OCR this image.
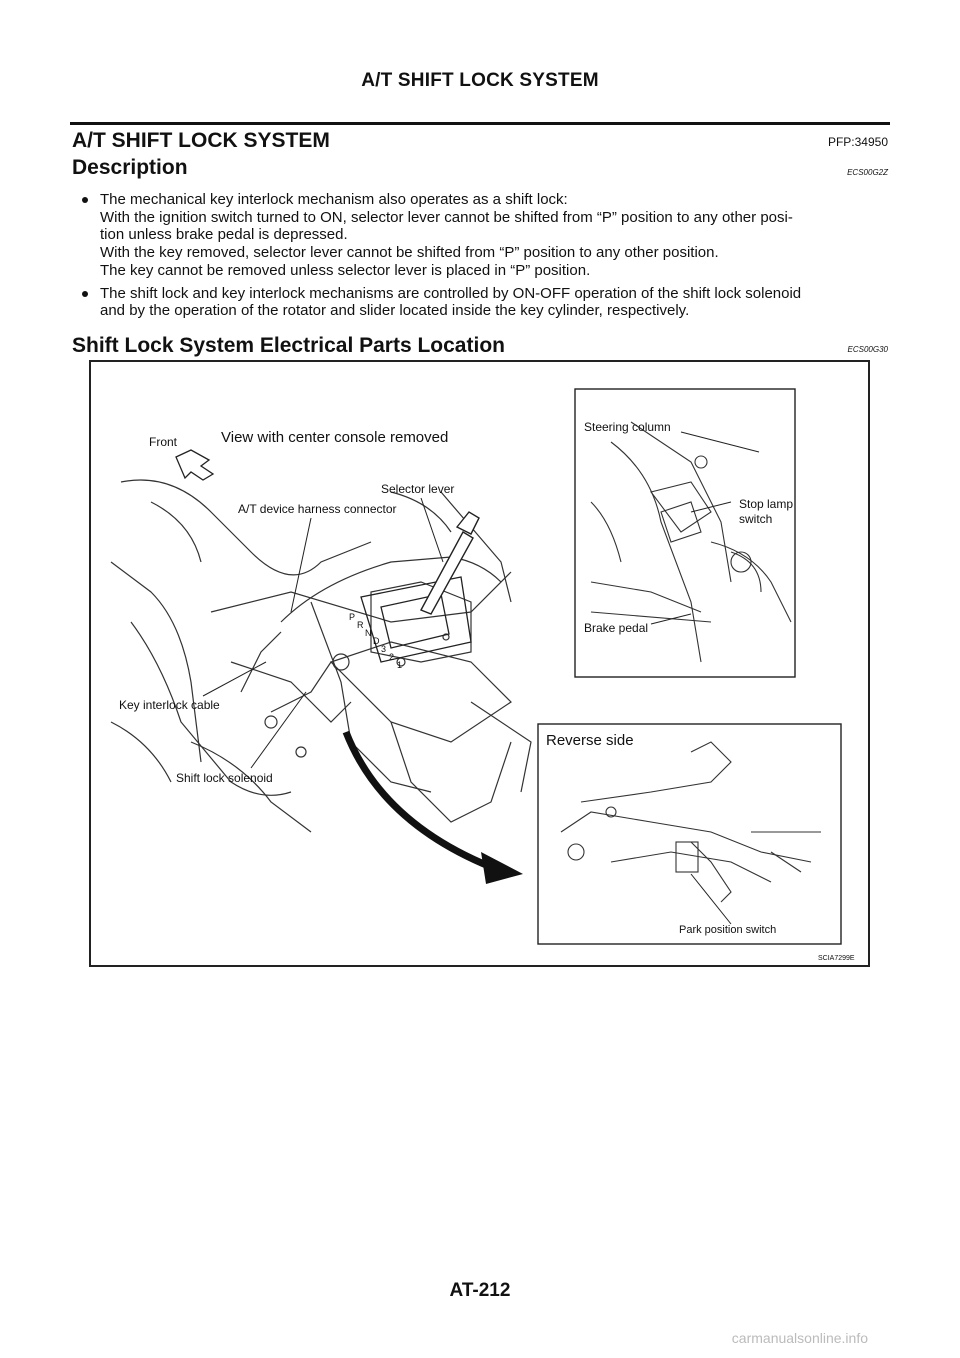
A/T SHIFT LOCK SYSTEM
A/T SHIFT LOCK SYSTEM	PFP:34950
Description	ECS00G2Z
The mechanical key interlock mechanism also operates as a shift lock:
With the ignition switch turned to ON, selector lever cannot be shifted from “P” position to any other posi-
tion unless brake pedal is depressed.
With the key removed, selector lever cannot be shifted from “P” position to any other position.
The key cannot be removed unless selector lever is placed in “P” position.
The shift lock and key interlock mechanisms are controlled by ON-OFF operation of the shift lock solenoid
and by the operation of the rotator and slider located inside the key cylinder, respectively.
Shift Lock System Electrical Parts Location	ECS00G30
P
R
N
D
3
2
1
Front	View with center console removed
Selector lever
A/T device harness connector
Key interlock cable
Shift lock solenoid
Steering column
Stop lamp
switch
Brake pedal
Reverse side
Park position switch
SCIA7299E
AT-212
carmanualsonline.info
